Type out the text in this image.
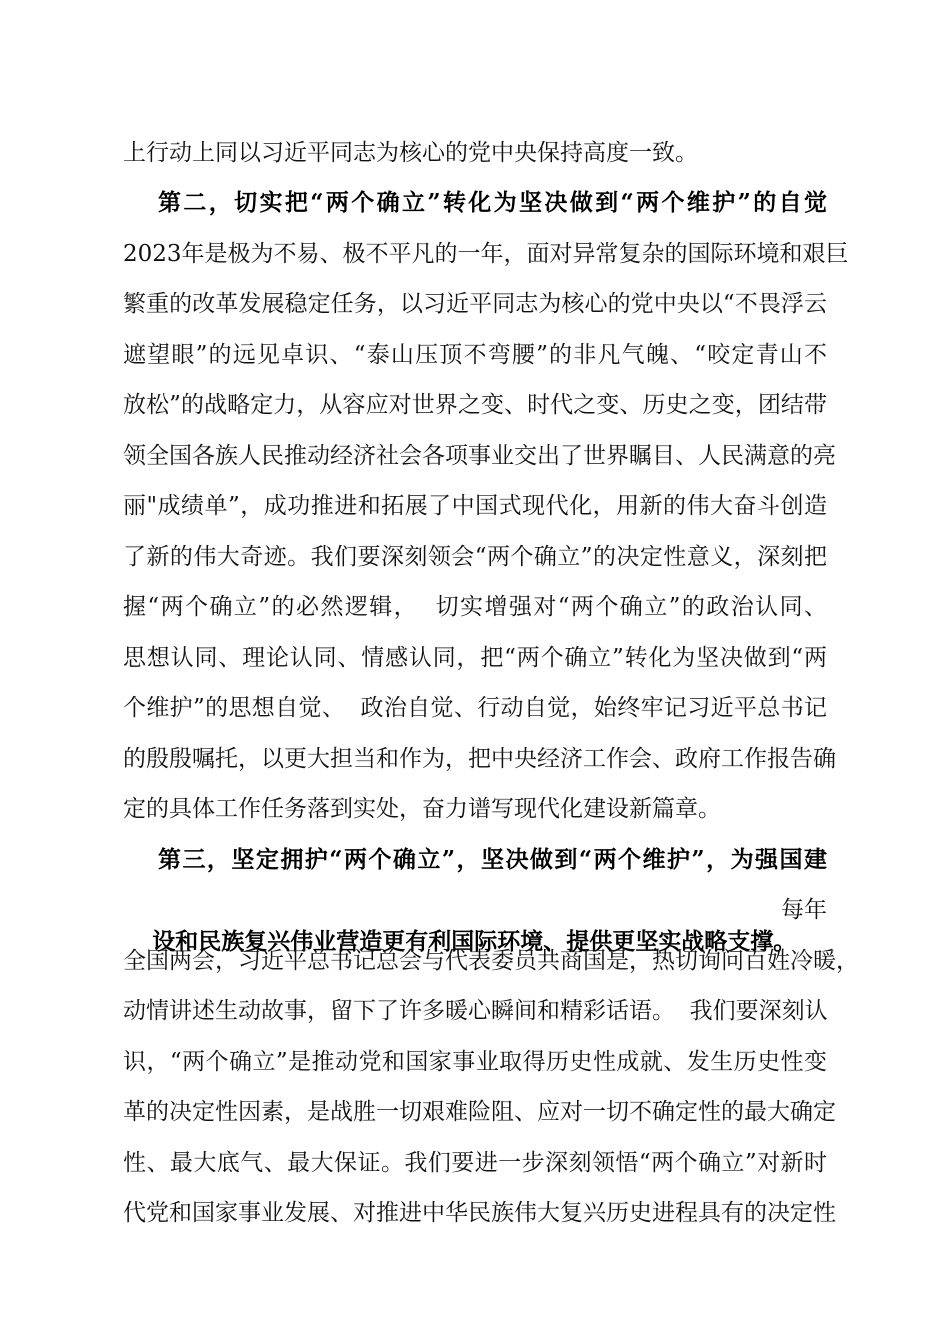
上行动上同以习近平同志为核心的党中央保持高度一致。
第二，切实把“两个确立”转化为坚决做到“两个维护”的自觉
2023年是极为不易、极不平凡的一年，面对异常复杂的国际环境和艰巨
繁重的改革发展稳定任务，以习近平同志为核心的党中央以“不畏浮云
遮望眼”的远见卓识、“泰山压顶不弯腰”的非凡气魄、“咬定青山不
放松”的战略定力，从容应对世界之变、时代之变、历史之变，团结带
领全国各族人民推动经济社会各项事业交出了世界瞩目、人民满意的亮
丽"成绩单”，成功推进和拓展了中国式现代化，用新的伟大奋斗创造
了新的伟大奇迹。我们要深刻领会“两个确立”的决定性意义，深刻把
握“两个确立”的必然逻辑，  切实增强对“两个确立”的政治认同、
思想认同、理论认同、情感认同，把“两个确立”转化为坚决做到“两
个维护”的思想自觉、  政治自觉、行动自觉，始终牢记习近平总书记
的殷殷嘱托，以更大担当和作为，把中央经济工作会、政府工作报告确
定的具体工作任务落到实处，奋力谱写现代化建设新篇章。
第三，坚定拥护“两个确立”，坚决做到“两个维护”，为强国建

设和民族复兴伟业营造更有利国际环境、提供更坚实战略支撑。

每年

全国两会，习近平总书记总会与代表委员共商国是，热切询问百姓冷暖，
动情讲述生动故事，留下了许多暖心瞬间和精彩话语。  我们要深刻认
识，“两个确立”是推动党和国家事业取得历史性成就、发生历史性变
革的决定性因素，是战胜一切艰难险阻、应对一切不确定性的最大确定
性、最大底气、最大保证。我们要进一步深刻领悟“两个确立”对新时
代党和国家事业发展、对推进中华民族伟大复兴历史进程具有的决定性
